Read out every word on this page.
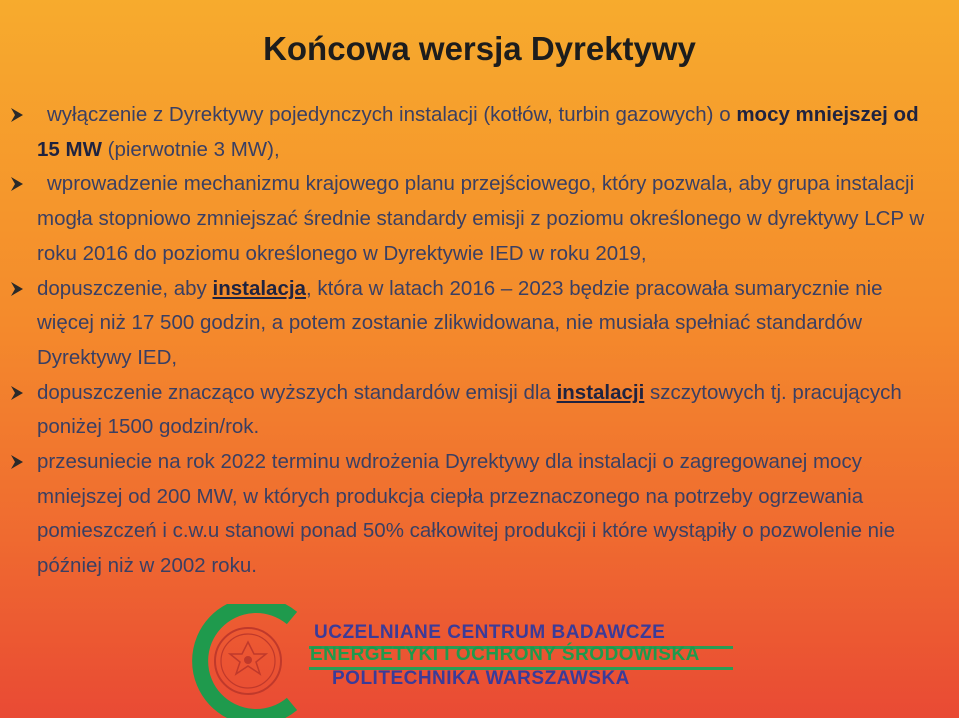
Końcowa wersja Dyrektywy
wyłączenie z Dyrektywy pojedynczych instalacji (kotłów, turbin gazowych) o mocy mniejszej od 15 MW (pierwotnie 3 MW),
wprowadzenie mechanizmu krajowego planu przejściowego, który pozwala, aby grupa instalacji mogła stopniowo zmniejszać średnie standardy emisji z poziomu określonego w dyrektywy LCP w roku 2016 do poziomu określonego w Dyrektywie IED w roku 2019,
dopuszczenie, aby instalacja, która w latach 2016 – 2023 będzie pracowała sumarycznie nie więcej niż 17 500 godzin, a potem zostanie zlikwidowana, nie musiała spełniać standardów Dyrektywy IED,
dopuszczenie znacząco wyższych standardów emisji dla instalacji szczytowych tj. pracujących poniżej 1500 godzin/rok.
przesuniecie na rok 2022 terminu wdrożenia Dyrektywy dla instalacji o zagregowanej mocy mniejszej od 200 MW, w których produkcja ciepła przeznaczonego na potrzeby ogrzewania pomieszczeń i c.w.u stanowi ponad 50% całkowitej produkcji i które wystąpiły o pozwolenie nie później niż w 2002 roku.
UCZELNIANE CENTRUM BADAWCZE
ENERGETYKI I OCHRONY ŚRODOWISKA
POLITECHNIKA WARSZAWSKA
